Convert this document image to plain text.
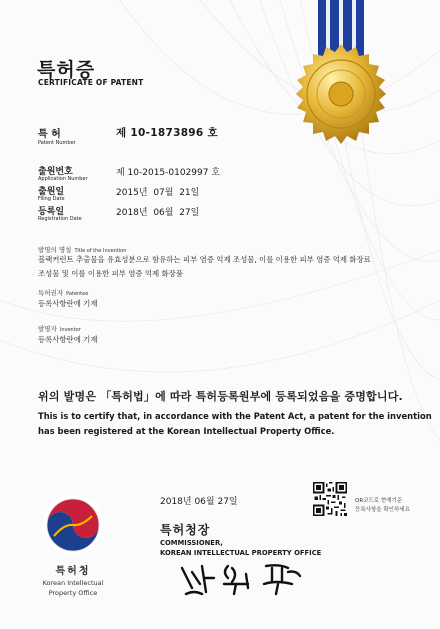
특허증
CERTIFICATE OF PATENT
특 허
Patent Number
제 10-1873896 호
출원번호
Application Number
제 10-2015-0102997 호
출원일
Filing Date
2015년  07월  21일
등록일
Registration Date
2018년  06월  27일
발명의 명칭 Title of the Invention
블랙커런트 추출물을 유효성분으로 함유하는 피부 염증 억제 조성물, 이를 이용한 피부 염증 억제 화장료
조성물 및 이를 이용한 피부 염증 억제 화장품
특허권자 Patentee
등록사항란에 기재
발명자 Inventor
등록사항란에 기재
위의 발명은 「특허법」에 따라 특허등록원부에 등록되었음을 증명합니다.
This is to certify that, in accordance with the Patent Act, a patent for the invention
has been registered at the Korean Intellectual Property Office.
2018년 06월 27일	QR코드로 현재기준
등록사항을 확인하세요
특허청장
COMMISSIONER,
KOREAN INTELLECTUAL PROPERTY OFFICE
특허청
Korean Intellectual
Property Office
